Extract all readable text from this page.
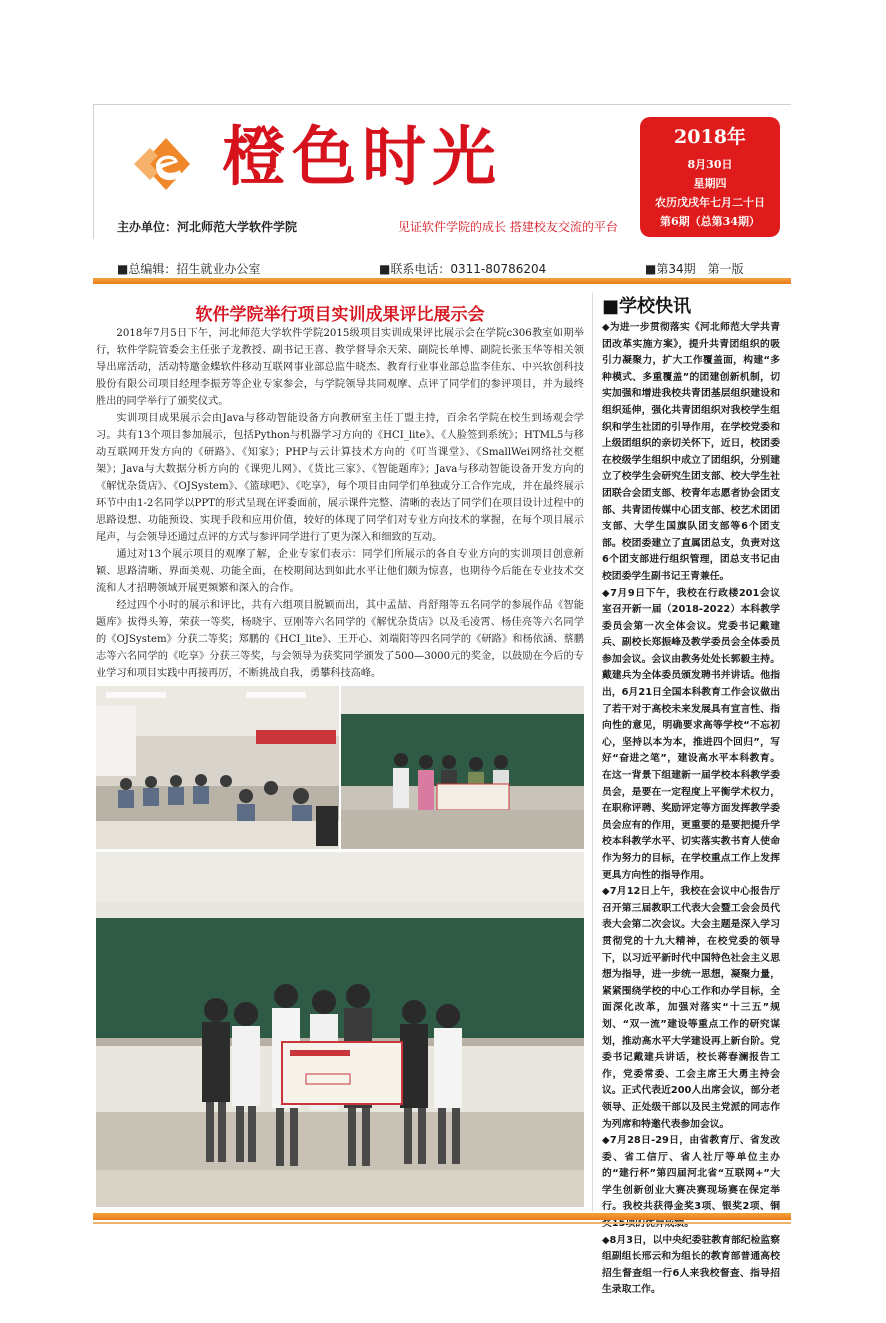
橙色时光
主办单位：河北师范大学软件学院	见证软件学院的成长 搭建校友交流的平台
2018年
8月30日
星期四
农历戊戌年七月二十日
第6期（总第34期）
■总编辑：招生就业办公室	■联系电话：0311-80786204	■第34期　第一版
软件学院举行项目实训成果评比展示会

2018年7月5日下午，河北师范大学软件学院2015级项目实训成果评比展示会在学院c306教室如期举行，软件学院管委会主任张子龙教授、副书记王喜、教学督导余天荣、副院长单博、副院长张玉华等相关领导出席活动，活动特邀金蝶软件移动互联网事业部总监牛晓杰、教育行业事业部总监李佳东、中兴软创科技股份有限公司项目经理李振芳等企业专家参会，与学院领导共同观摩、点评了同学们的参评项目，并为最终胜出的同学举行了颁奖仪式。

实训项目成果展示会由Java与移动智能设备方向教研室主任丁盟主持，百余名学院在校生到场观会学习。共有13个项目参加展示，包括Python与机器学习方向的《HCI_lite》、《人脸签到系统》；HTML5与移动互联网开发方向的《研路》、《知家》；PHP与云计算技术方向的《叮当课堂》、《SmallWei网络社交框架》；Java与大数据分析方向的《课兜儿网》、《货比三家》、《智能题库》；Java与移动智能设备开发方向的《解忧杂货店》、《OJSystem》、《篮球吧》、《吃享》，每个项目由同学们单独或分工合作完成，并在最终展示环节中由1-2名同学以PPT的形式呈现在评委面前，展示课件完整、清晰的表达了同学们在项目设计过程中的思路设想、功能预设、实现手段和应用价值，较好的体现了同学们对专业方向技术的掌握，在每个项目展示尾声，与会领导还通过点评的方式与参评同学进行了更为深入和细致的互动。

通过对13个展示项目的观摩了解，企业专家们表示：同学们所展示的各自专业方向的实训项目创意新颖、思路清晰、界面美观、功能全面，在校期间达到如此水平让他们颇为惊喜，也期待今后能在专业技术交流和人才招聘领域开展更频繁和深入的合作。

经过四个小时的展示和评比，共有六组项目脱颖而出，其中孟喆、肖舒翔等五名同学的参展作品《智能题库》拔得头筹，荣获一等奖，杨晓宇、豆刚等六名同学的《解忧杂货店》以及毛凌霄、杨佳亮等六名同学的《OJSystem》分获二等奖；郑鹏的《HCI_lite》、王开心、刘端阳等四名同学的《研路》和杨依涵、蔡鹏志等六名同学的《吃享》分获三等奖，与会领导为获奖同学颁发了500—3000元的奖金，以鼓励在今后的专业学习和项目实践中再接再厉，不断挑战自我，勇攀科技高峰。

■学校快讯

◆为进一步贯彻落实《河北师范大学共青团改革实施方案》，提升共青团组织的吸引力凝聚力，扩大工作覆盖面，构建“多种模式、多重覆盖”的团建创新机制，切实加强和增进我校共青团基层组织建设和组织延伸，强化共青团组织对我校学生组织和学生社团的引导作用，在学校党委和上级团组织的亲切关怀下，近日，校团委在校级学生组织中成立了团组织，分别建立了校学生会研究生团支部、校大学生社团联合会团支部、校青年志愿者协会团支部、共青团传媒中心团支部、校艺术团团支部、大学生国旗队团支部等6个团支部。校团委建立了直属团总支，负责对这6个团支部进行组织管理，团总支书记由校团委学生副书记王青兼任。

◆7月9日下午，我校在行政楼201会议室召开新一届（2018-2022）本科教学委员会第一次全体会议。党委书记戴建兵、副校长郑振峰及教学委员会全体委员参加会议。会议由教务处处长郭毅主持。戴建兵为全体委员颁发聘书并讲话。他指出，6月21日全国本科教育工作会议做出了若干对于高校未来发展具有宣言性、指向性的意见，明确要求高等学校“不忘初心，坚持以本为本，推进四个回归”，写好“奋进之笔”，建设高水平本科教育。在这一背景下组建新一届学校本科教学委员会，是要在一定程度上平衡学术权力，在职称评聘、奖励评定等方面发挥教学委员会应有的作用，更重要的是要把提升学校本科教学水平、切实落实教书育人使命作为努力的目标，在学校重点工作上发挥更具方向性的指导作用。

◆7月12日上午，我校在会议中心报告厅召开第三届教职工代表大会暨工会会员代表大会第二次会议。大会主题是深入学习贯彻党的十九大精神，在校党委的领导下，以习近平新时代中国特色社会主义思想为指导，进一步统一思想，凝聚力量，紧紧围绕学校的中心工作和办学目标，全面深化改革，加强对落实“十三五”规划、“双一流”建设等重点工作的研究谋划，推动高水平大学建设再上新台阶。党委书记戴建兵讲话，校长蒋春澜报告工作，党委常委、工会主席王大勇主持会议。正式代表近200人出席会议，部分老领导、正处级干部以及民主党派的同志作为列席和特邀代表参加会议。

◆7月28日-29日，由省教育厅、省发改委、省工信厅、省人社厅等单位主办的“建行杯”第四届河北省“互联网+”大学生创新创业大赛决赛现场赛在保定举行。我校共获得金奖3项、银奖2项、铜

◆8月3日，以中央纪委驻教育部纪检监察组副组长邢云和为组长的教育部普通高校招生督查组一行6人来我校督查、指导招生录取工作。
